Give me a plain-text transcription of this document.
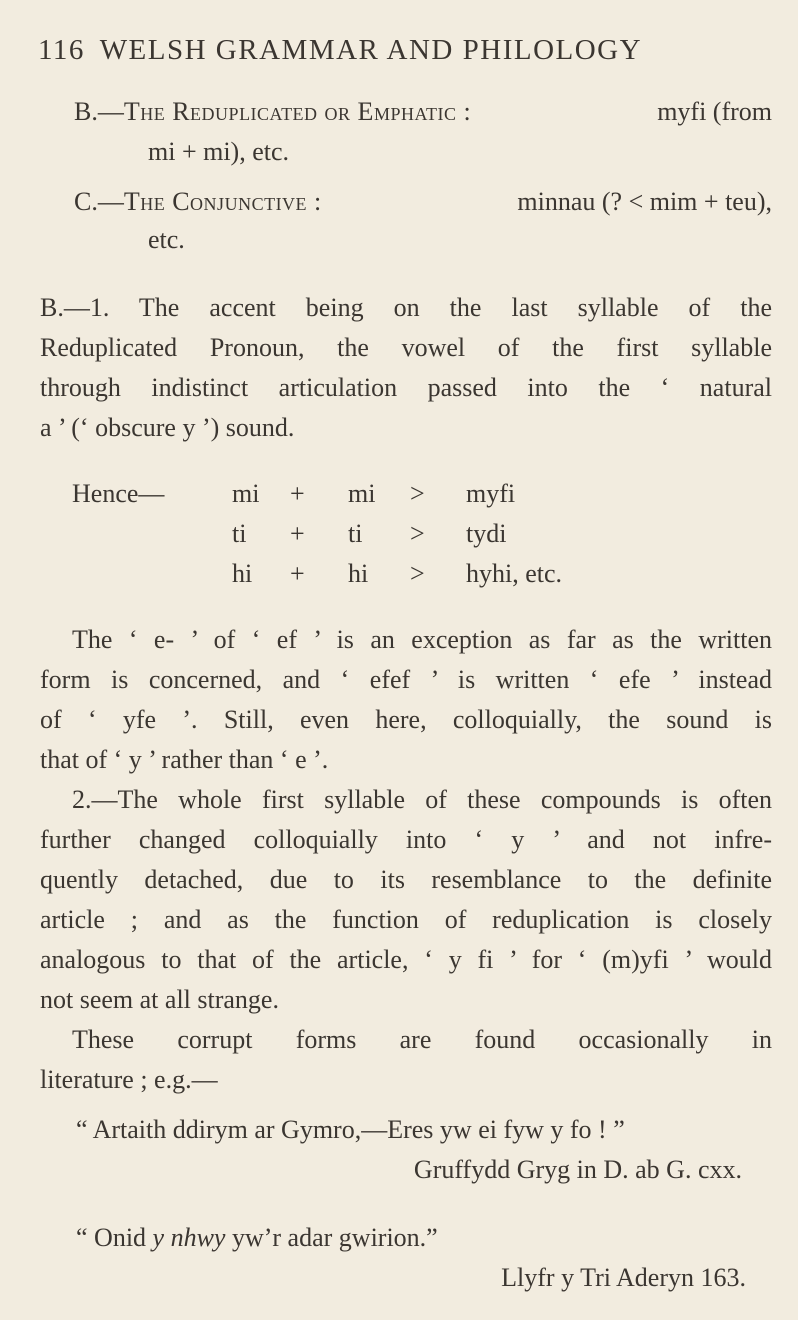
116 WELSH GRAMMAR AND PHILOLOGY
B.—The Reduplicated or Emphatic :	myfi (from
mi + mi), etc.
C.—The Conjunctive :	minnau (? < mim + teu),
etc.
B.—1. The accent being on the last syllable of the
Reduplicated Pronoun, the vowel of the first syllable
through indistinct articulation passed into the ‘ natural
a ’ (‘ obscure y ’) sound.
Hence—	mi + mi > myfi
ti + ti > tydi
hi + hi > hyhi, etc.
The ‘ e- ’ of ‘ ef ’ is an exception as far as the written
form is concerned, and ‘ efef ’ is written ‘ efe ’ instead
of ‘ yfe ’. Still, even here, colloquially, the sound is
that of ‘ y ’ rather than ‘ e ’.
2.—The whole first syllable of these compounds is often
further changed colloquially into ‘ y ’ and not infre-
quently detached, due to its resemblance to the definite
article ; and as the function of reduplication is closely
analogous to that of the article, ‘ y fi ’ for ‘ (m)yfi ’ would
not seem at all strange.
These corrupt forms are found occasionally in
literature ; e.g.—
“ Artaith ddirym ar Gymro,—Eres yw ei fyw y fo ! ”
Gruffydd Gryg in D. ab G. cxx.
“ Onid y nhwy yw’r adar gwirion.”
Llyfr y Tri Aderyn 163.
